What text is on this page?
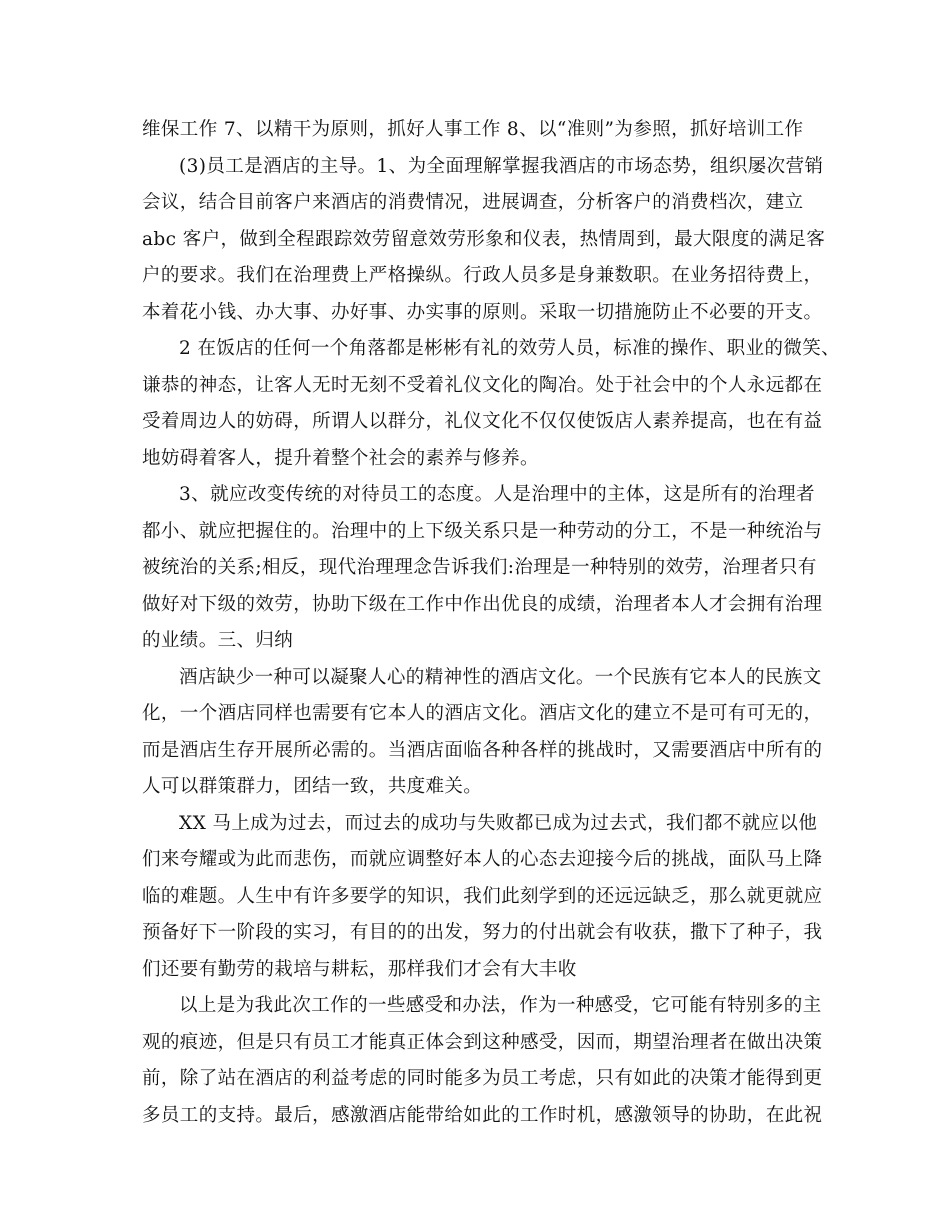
维保工作 7、以精干为原则，抓好人事工作 8、以“准则”为参照，抓好培训工作
(3)员工是酒店的主导。1、为全面理解掌握我酒店的市场态势，组织屡次营销
会议，结合目前客户来酒店的消费情况，进展调查，分析客户的消费档次，建立
abc 客户，做到全程跟踪效劳留意效劳形象和仪表，热情周到，最大限度的满足客
户的要求。我们在治理费上严格操纵。行政人员多是身兼数职。在业务招待费上，
本着花小钱、办大事、办好事、办实事的原则。采取一切措施防止不必要的开支。
2 在饭店的任何一个角落都是彬彬有礼的效劳人员，标准的操作、职业的微笑、
谦恭的神态，让客人无时无刻不受着礼仪文化的陶冶。处于社会中的个人永远都在
受着周边人的妨碍，所谓人以群分，礼仪文化不仅仅使饭店人素养提高，也在有益
地妨碍着客人，提升着整个社会的素养与修养。
3、就应改变传统的对待员工的态度。人是治理中的主体，这是所有的治理者
都小、就应把握住的。治理中的上下级关系只是一种劳动的分工，不是一种统治与
被统治的关系;相反，现代治理理念告诉我们:治理是一种特别的效劳，治理者只有
做好对下级的效劳，协助下级在工作中作出优良的成绩，治理者本人才会拥有治理
的业绩。三、归纳
酒店缺少一种可以凝聚人心的精神性的酒店文化。一个民族有它本人的民族文
化，一个酒店同样也需要有它本人的酒店文化。酒店文化的建立不是可有可无的，
而是酒店生存开展所必需的。当酒店面临各种各样的挑战时，又需要酒店中所有的
人可以群策群力，团结一致，共度难关。
XX 马上成为过去，而过去的成功与失败都已成为过去式，我们都不就应以他
们来夸耀或为此而悲伤，而就应调整好本人的心态去迎接今后的挑战，面队马上降
临的难题。人生中有许多要学的知识，我们此刻学到的还远远缺乏，那么就更就应
预备好下一阶段的实习，有目的的出发，努力的付出就会有收获，撒下了种子，我
们还要有勤劳的栽培与耕耘，那样我们才会有大丰收
以上是为我此次工作的一些感受和办法，作为一种感受，它可能有特别多的主
观的痕迹，但是只有员工才能真正体会到这种感受，因而，期望治理者在做出决策
前，除了站在酒店的利益考虑的同时能多为员工考虑，只有如此的决策才能得到更
多员工的支持。最后，感激酒店能带给如此的工作时机，感激领导的协助，在此祝
